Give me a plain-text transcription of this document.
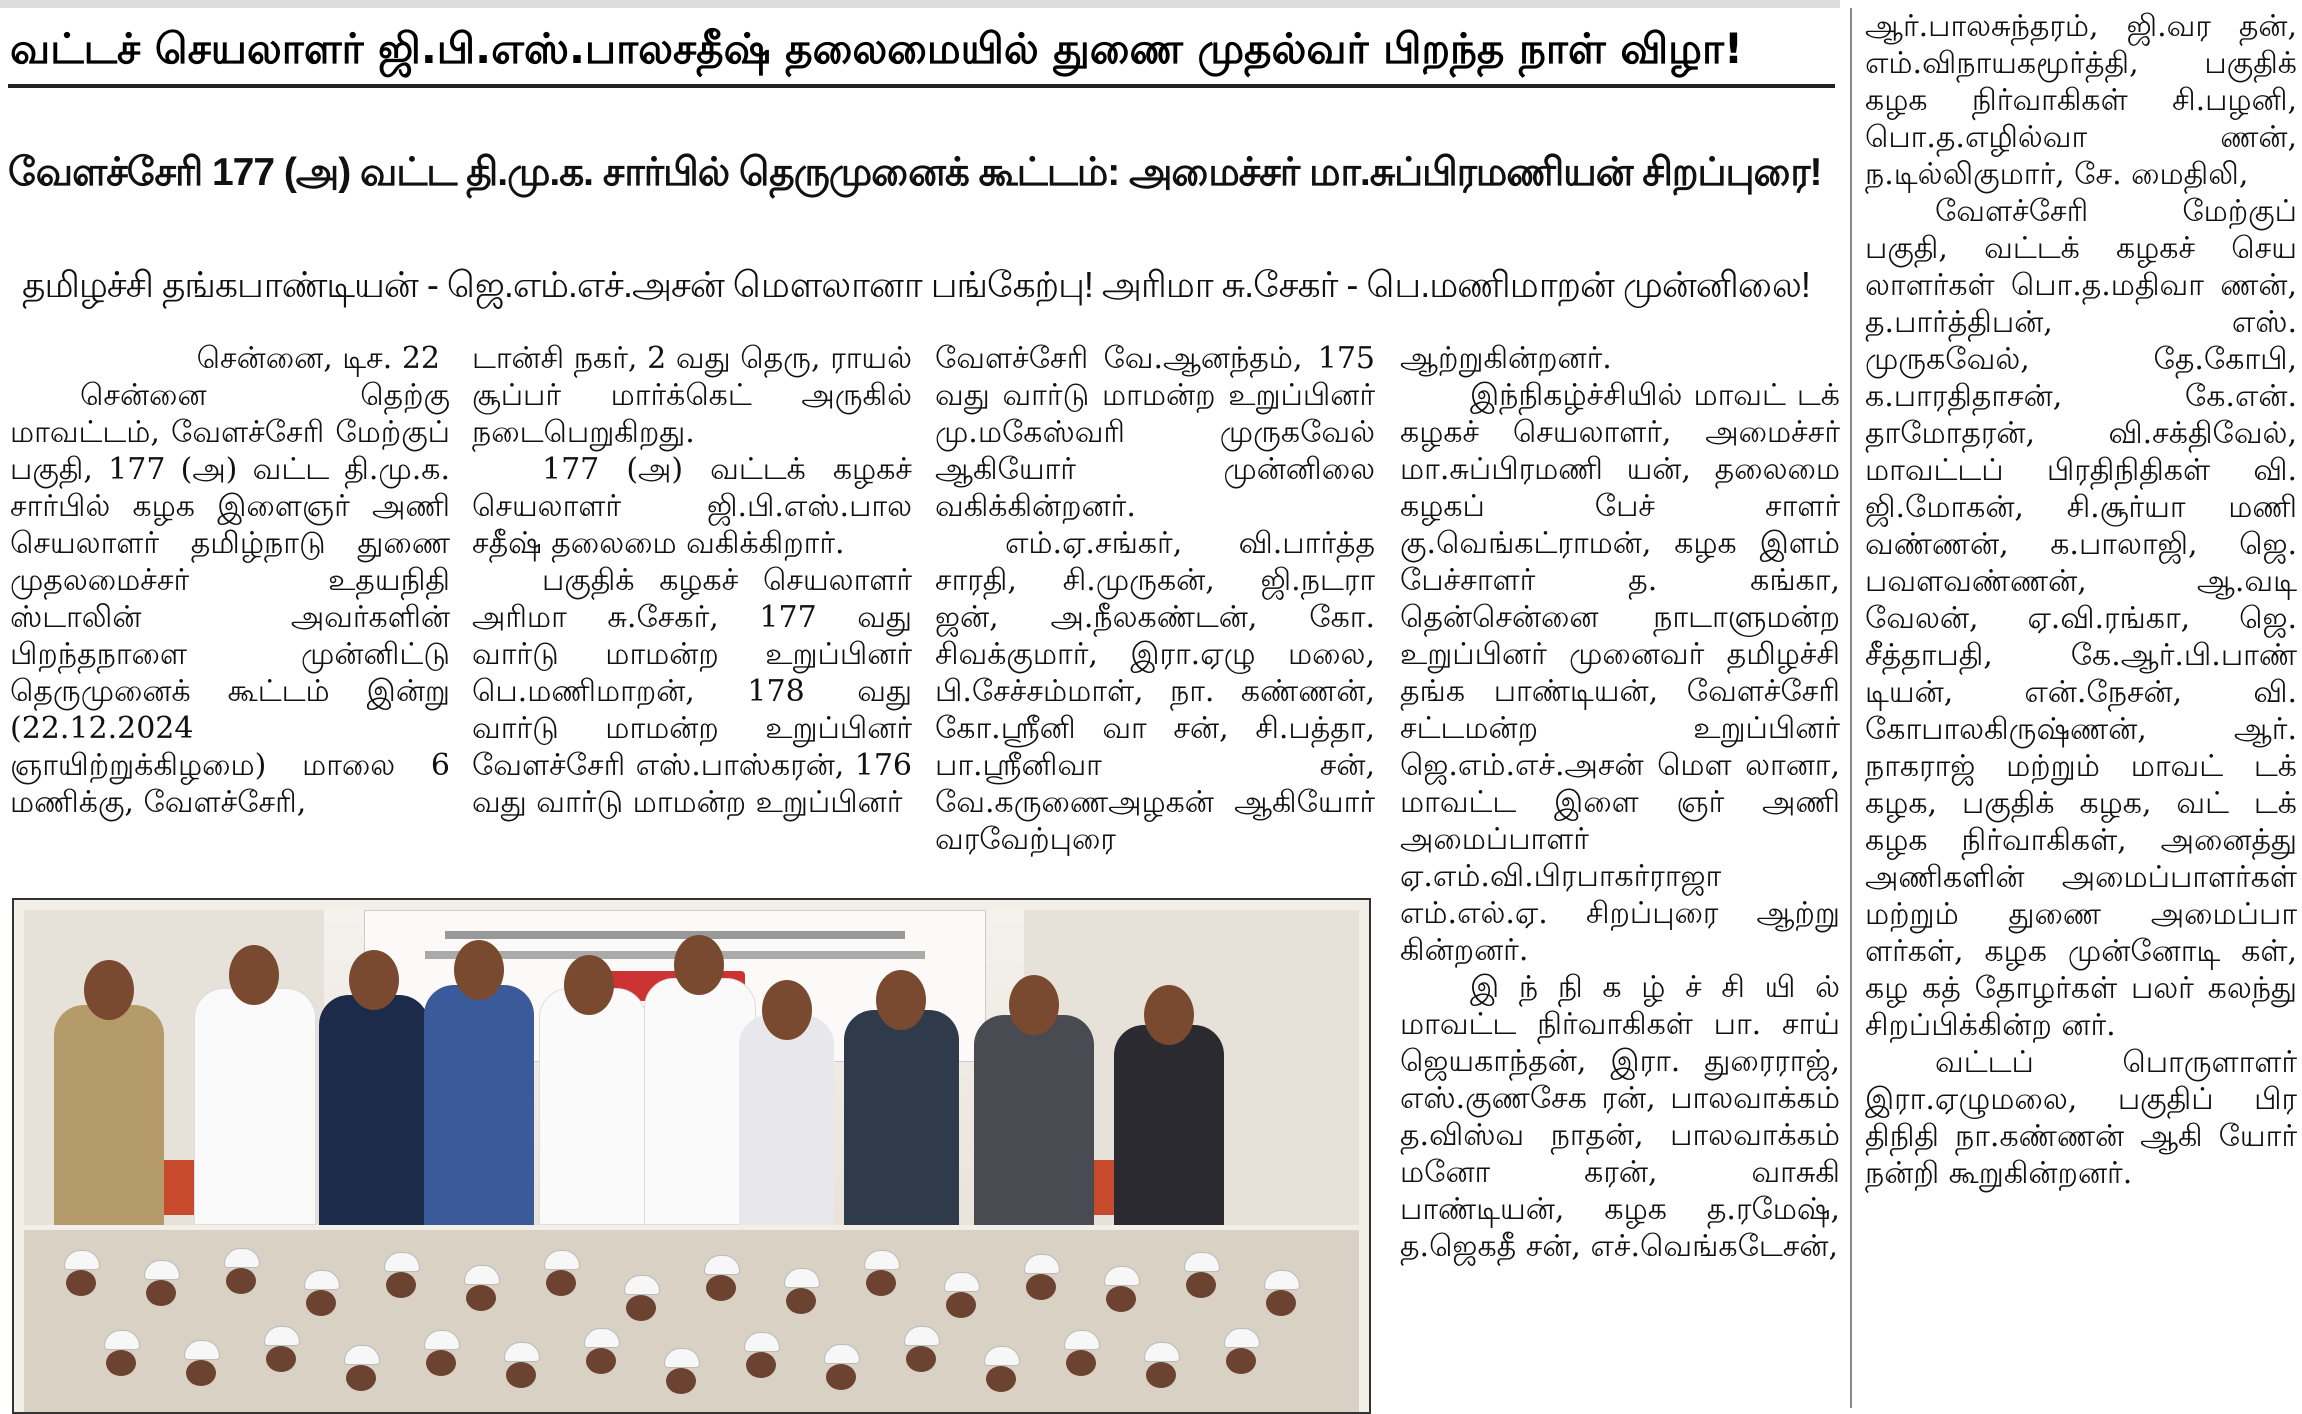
வட்டச் செயலாளர் ஜி.பி.எஸ்.பாலசதீஷ் தலைமையில் துணை முதல்வர் பிறந்த நாள் விழா!
வேளச்சேரி 177 (அ) வட்ட தி.மு.க. சார்பில் தெருமுனைக் கூட்டம்: அமைச்சர் மா.சுப்பிரமணியன் சிறப்புரை!
தமிழச்சி தங்கபாண்டியன் - ஜெ.எம்.எச்.அசன் மௌலானா பங்கேற்பு! அரிமா சு.சேகர் - பெ.மணிமாறன் முன்னிலை!
சென்னை, டிச. 22

சென்னை தெற்கு மாவட்டம், வேளச்சேரி மேற்குப் பகுதி, 177 (அ) வட்ட தி.மு.க. சார்பில் கழக இளைஞர் அணி செயலாளர் தமிழ்நாடு துணை முதலமைச்சர் உதயநிதி ஸ்டாலின் அவர்களின் பிறந்தநாளை முன்னிட்டு தெருமுனைக் கூட்டம் இன்று (22.12.2024 ஞாயிற்றுக்கிழமை) மாலை 6 மணிக்கு, வேளச்சேரி,

டான்சி நகர், 2 வது தெரு, ராயல் சூப்பர் மார்க்கெட் அருகில் நடைபெறுகிறது.

177 (அ) வட்டக் கழகச் செயலாளர் ஜி.பி.எஸ்.பால சதீஷ் தலைமை வகிக்கிறார்.

பகுதிக் கழகச் செயலாளர் அரிமா சு.சேகர், 177 வது வார்டு மாமன்ற உறுப்பினர் பெ.மணிமாறன், 178 வது வார்டு மாமன்ற உறுப்பினர் வேளச்சேரி எஸ்.பாஸ்கரன், 176 வது வார்டு மாமன்ற உறுப்பினர்

வேளச்சேரி வே.ஆனந்தம், 175 வது வார்டு மாமன்ற உறுப்பினர் மு.மகேஸ்வரி முருகவேல் ஆகியோர் முன்னிலை வகிக்கின்றனர்.

எம்.ஏ.சங்கர், வி.பார்த்த சாரதி, சி.முருகன், ஜி.நடரா ஜன், அ.நீலகண்டன், கோ. சிவக்குமார், இரா.ஏழு மலை, பி.சேச்சம்மாள், நா. கண்ணன், கோ.ஸ்ரீனி வா சன், சி.பத்தா, பா.ஸ்ரீனிவா சன், வே.கருணைஅழகன் ஆகியோர் வரவேற்புரை

ஆற்றுகின்றனர்.

இந்நிகழ்ச்சியில் மாவட் டக் கழகச் செயலாளர், அமைச்சர் மா.சுப்பிரமணி யன், தலைமை கழகப் பேச் சாளர் கு.வெங்கட்ராமன், கழக இளம் பேச்சாளர் த. கங்கா, தென்சென்னை நாடாளுமன்ற உறுப்பினர் முனைவர் தமிழச்சி தங்க பாண்டியன், வேளச்சேரி சட்டமன்ற உறுப்பினர் ஜெ.எம்.எச்.அசன் மௌ லானா, மாவட்ட இளை ஞர் அணி அமைப்பாளர் ஏ.எம்.வி.பிரபாகர்ராஜா எம்.எல்.ஏ. சிறப்புரை ஆற்று கின்றனர்.

இ ந் நி க ழ் ச் சி யி ல் மாவட்ட நிர்வாகிகள் பா. சாய் ஜெயகாந்தன், இரா. துரைராஜ், எஸ்.குணசேக ரன், பாலவாக்கம் த.விஸ்வ நாதன், பாலவாக்கம் மனோ கரன், வாசுகி பாண்டியன், கழக த.ரமேஷ், த.ஜெகதீ சன், எச்.வெங்கடேசன்,

ஆர்.பாலசுந்தரம், ஜி.வர தன், எம்.விநாயகமூர்த்தி, பகுதிக் கழக நிர்வாகிகள் சி.பழனி, பொ.த.எழில்வா ணன், ந.டில்லிகுமார், சே. மைதிலி,

வேளச்சேரி மேற்குப் பகுதி, வட்டக் கழகச் செய லாளர்கள் பொ.த.மதிவா ணன், த.பார்த்திபன், எஸ். முருகவேல், தே.கோபி, க.பாரதிதாசன், கே.என். தாமோதரன், வி.சக்திவேல், மாவட்டப் பிரதிநிதிகள் வி. ஜி.மோகன், சி.சூர்யா மணி வண்ணன், க.பாலாஜி, ஜெ. பவளவண்ணன், ஆ.வடி வேலன், ஏ.வி.ரங்கா, ஜெ. சீத்தாபதி, கே.ஆர்.பி.பாண் டியன், என்.நேசன், வி. கோபாலகிருஷ்ணன், ஆர். நாகராஜ் மற்றும் மாவட் டக் கழக, பகுதிக் கழக, வட் டக் கழக நிர்வாகிகள், அனைத்து அணிகளின் அமைப்பாளர்கள் மற்றும் துணை அமைப்பா ளர்கள், கழக முன்னோடி கள், கழ கத் தோழர்கள் பலர் கலந்து சிறப்பிக்கின்ற னர்.

வட்டப் பொருளாளர் இரா.ஏழுமலை, பகுதிப் பிர திநிதி நா.கண்ணன் ஆகி யோர் நன்றி கூறுகின்றனர்.
